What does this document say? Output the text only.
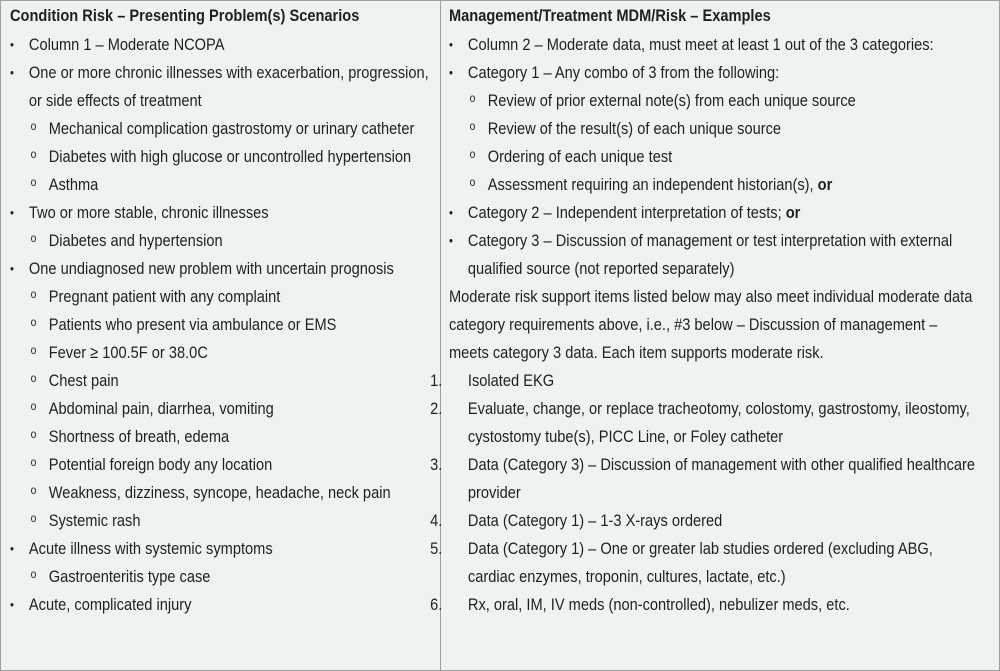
Condition Risk – Presenting Problem(s) Scenarios
• Column 1 – Moderate NCOPA
• One or more chronic illnesses with exacerbation, progression, or side effects of treatment
o Mechanical complication gastrostomy or urinary catheter
o Diabetes with high glucose or uncontrolled hypertension
o Asthma
• Two or more stable, chronic illnesses
o Diabetes and hypertension
• One undiagnosed new problem with uncertain prognosis
o Pregnant patient with any complaint
o Patients who present via ambulance or EMS
o Fever ≥ 100.5F or 38.0C
o Chest pain
o Abdominal pain, diarrhea, vomiting
o Shortness of breath, edema
o Potential foreign body any location
o Weakness, dizziness, syncope, headache, neck pain
o Systemic rash
• Acute illness with systemic symptoms
o Gastroenteritis type case
• Acute, complicated injury
Management/Treatment MDM/Risk – Examples
• Column 2 – Moderate data, must meet at least 1 out of the 3 categories:
• Category 1 – Any combo of 3 from the following:
o Review of prior external note(s) from each unique source
o Review of the result(s) of each unique source
o Ordering of each unique test
o Assessment requiring an independent historian(s), or
• Category 2 – Independent interpretation of tests; or
• Category 3 – Discussion of management or test interpretation with external qualified source (not reported separately)
Moderate risk support items listed below may also meet individual moderate data category requirements above, i.e., #3 below – Discussion of management – meets category 3 data. Each item supports moderate risk.
1. Isolated EKG
2. Evaluate, change, or replace tracheotomy, colostomy, gastrostomy, ileostomy, cystostomy tube(s), PICC Line, or Foley catheter
3. Data (Category 3) – Discussion of management with other qualified healthcare provider
4. Data (Category 1) – 1-3 X-rays ordered
5. Data (Category 1) – One or greater lab studies ordered (excluding ABG, cardiac enzymes, troponin, cultures, lactate, etc.)
6. Rx, oral, IM, IV meds (non-controlled), nebulizer meds, etc.
